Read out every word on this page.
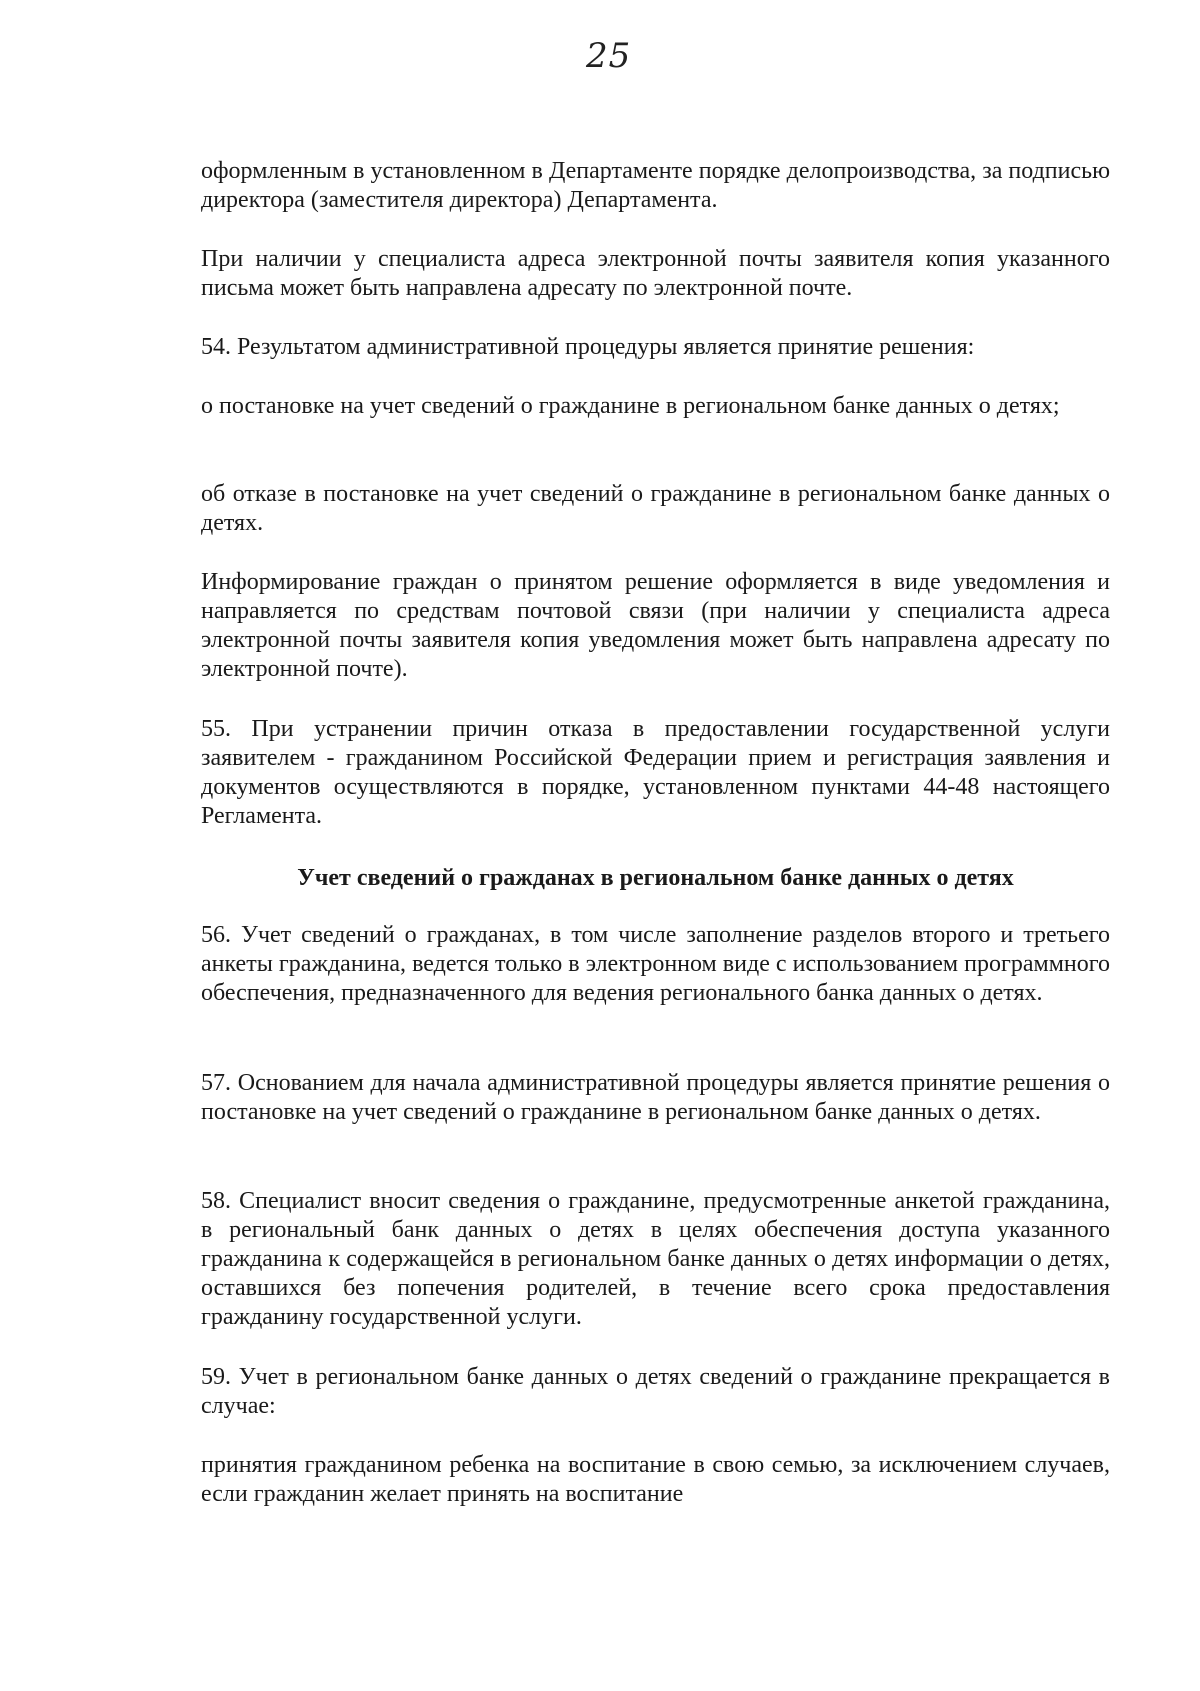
25

оформленным в установленном в Департаменте порядке делопроизводства, за подписью директора (заместителя директора) Департамента.

При наличии у специалиста адреса электронной почты заявителя копия указанного письма может быть направлена адресату по электронной почте.

54. Результатом административной процедуры является принятие решения:

о постановке на учет сведений о гражданине в региональном банке данных о детях;

об отказе в постановке на учет сведений о гражданине в региональном банке данных о детях.

Информирование граждан о принятом решение оформляется в виде уведомления и направляется по средствам почтовой связи (при наличии у специалиста адреса электронной почты заявителя копия уведомления может быть направлена адресату по электронной почте).

55. При устранении причин отказа в предоставлении государственной услуги заявителем - гражданином Российской Федерации прием и регистрация заявления и документов осуществляются в порядке, установленном пунктами 44-48 настоящего Регламента.

Учет сведений о гражданах в региональном банке данных о детях

56. Учет сведений о гражданах, в том числе заполнение разделов второго и третьего анкеты гражданина, ведется только в электронном виде с использованием программного обеспечения, предназначенного для ведения регионального банка данных о детях.

57. Основанием для начала административной процедуры является принятие решения о постановке на учет сведений о гражданине в региональном банке данных о детях.

58. Специалист вносит сведения о гражданине, предусмотренные анкетой гражданина, в региональный банк данных о детях в целях обеспечения доступа указанного гражданина к содержащейся в региональном банке данных о детях информации о детях, оставшихся без попечения родителей, в течение всего срока предоставления гражданину государственной услуги.

59. Учет в региональном банке данных о детях сведений о гражданине прекращается в случае:

принятия гражданином ребенка на воспитание в свою семью, за исключением случаев, если гражданин желает принять на воспитание
